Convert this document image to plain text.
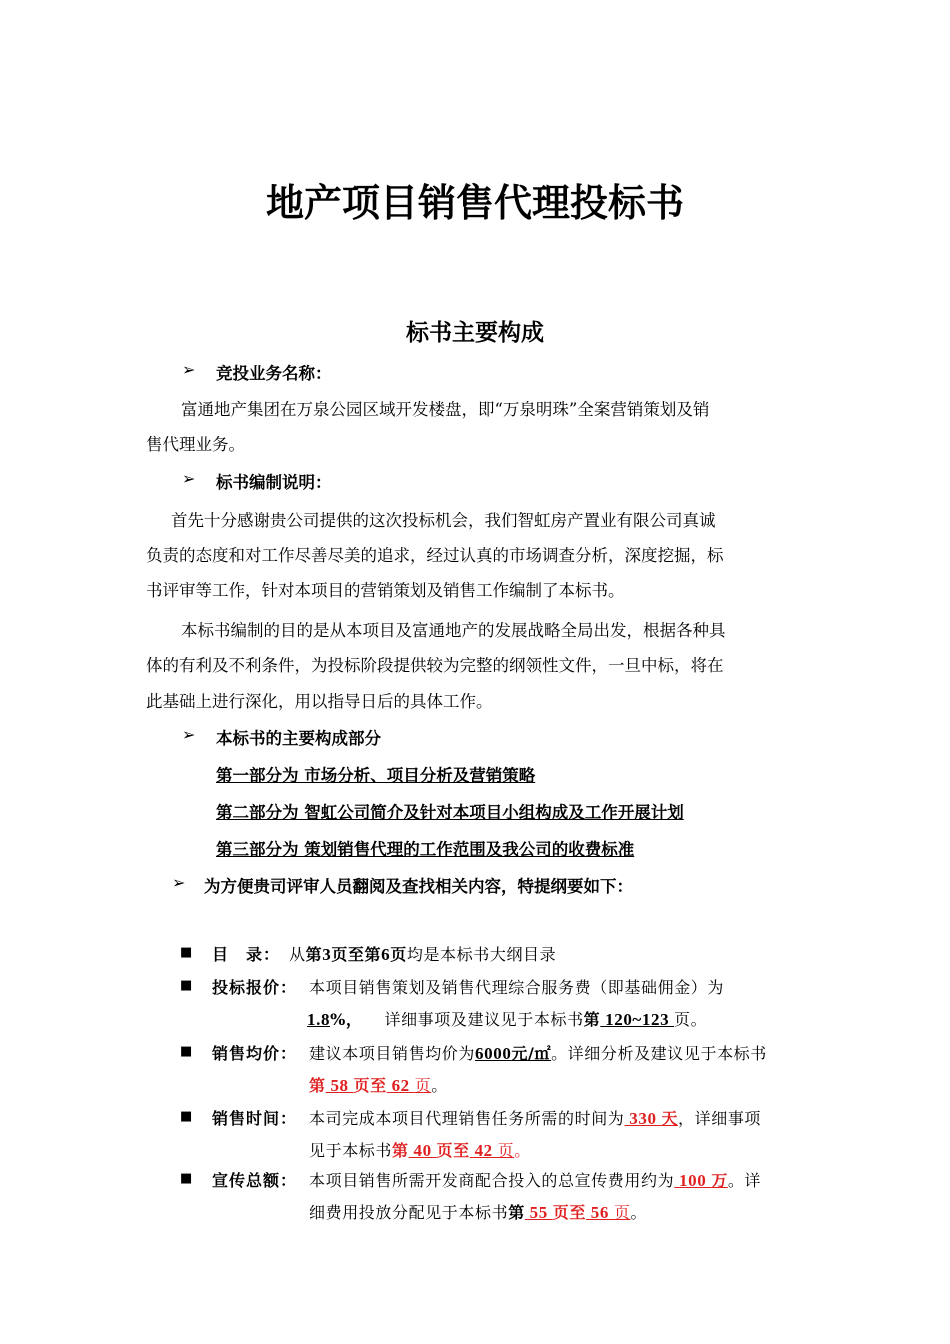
地产项目销售代理投标书
标书主要构成
➢ 竞投业务名称：
富通地产集团在万泉公园区域开发楼盘，即“万泉明珠”全案营销策划及销
售代理业务。
➢ 标书编制说明：
首先十分感谢贵公司提供的这次投标机会，我们智虹房产置业有限公司真诚
负责的态度和对工作尽善尽美的追求，经过认真的市场调查分析，深度挖掘，标
书评审等工作，针对本项目的营销策划及销售工作编制了本标书。
本标书编制的目的是从本项目及富通地产的发展战略全局出发，根据各种具
体的有利及不利条件，为投标阶段提供较为完整的纲领性文件，一旦中标，将在
此基础上进行深化，用以指导日后的具体工作。
➢ 本标书的主要构成部分
第一部分为 市场分析、项目分析及营销策略
第二部分为 智虹公司简介及针对本项目小组构成及工作开展计划
第三部分为 策划销售代理的工作范围及我公司的收费标准
➢ 为方便贵司评审人员翻阅及查找相关内容，特提纲要如下：
■ 目　录： 从第3页至第6页均是本标书大纲目录
■ 投标报价： 本项目销售策划及销售代理综合服务费（即基础佣金）为
1.8%， 详细事项及建议见于本标书第 120~123 页。
■ 销售均价： 建议本项目销售均价为6000元/㎡。详细分析及建议见于本标书
第 58 页至 62 页。
■ 销售时间： 本司完成本项目代理销售任务所需的时间为 330 天，详细事项
见于本标书第 40 页至 42 页。
■ 宣传总额： 本项目销售所需开发商配合投入的总宣传费用约为 100 万。详
细费用投放分配见于本标书第 55 页至 56 页。
